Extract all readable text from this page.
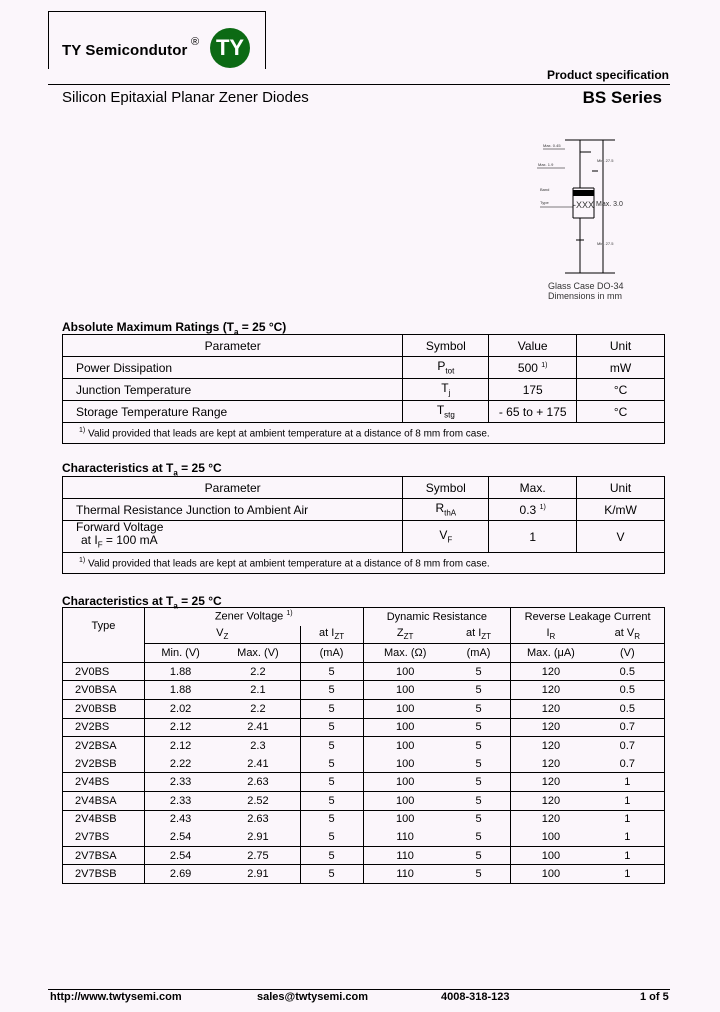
TY Semicondutor ® TY
Product specification
Silicon Epitaxial Planar Zener Diodes	BS Series
Max. 0.45
Max. 1.9
Band
Type	-XXX
Min. 27.5
Max. 3.0
Min. 27.5
Glass Case DO-34
Dimensions in mm
Absolute Maximum Ratings ($T_a = 25$ °C)
Parameter	Symbol	Value	Unit
Power Dissipation	$P_{tot}$	500 $^{1)}$	mW
Junction Temperature	$T_j$	175	°C
Storage Temperature Range	$T_{stg}$	- 65 to + 175	°C
$^{1)}$ Valid provided that leads are kept at ambient temperature at a distance of 8 mm from case.			
Characteristics at $T_a = 25$ °C
Parameter	Symbol	Max.	Unit
Thermal Resistance Junction to Ambient Air	$R_{thA}$	0.3 $^{1)}$	K/mW

Forward Voltage
at $I_F = 100$ mA	$V_F$	1	V
$^{1)}$ Valid provided that leads are kept at ambient temperature at a distance of 8 mm from case.			
Characteristics at $T_a = 25$ °C
Type	Zener Voltage $^{1)}$			Dynamic Resistance		Reverse Leakage Current	
	$V_Z$		at $I_{ZT}$	$Z_{ZT}$	at $I_{ZT}$	$I_R$	at $V_R$
	Min. (V)	Max. (V)	(mA)	Max. (Ω)	(mA)	Max. (μA)	(V)
2V0BS	1.88	2.2	5	100	5	120	0.5
2V0BSA	1.88	2.1	5	100	5	120	0.5
2V0BSB	2.02	2.2	5	100	5	120	0.5
2V2BS	2.12	2.41	5	100	5	120	0.7
2V2BSA	2.12	2.3	5	100	5	120	0.7
2V2BSB	2.22	2.41	5	100	5	120	0.7
2V4BS	2.33	2.63	5	100	5	120	1
2V4BSA	2.33	2.52	5	100	5	120	1
2V4BSB	2.43	2.63	5	100	5	120	1
2V7BS	2.54	2.91	5	110	5	100	1
2V7BSA	2.54	2.75	5	110	5	100	1
2V7BSB	2.69	2.91	5	110	5	100	1
http://www.twtysemi.com	sales@twtysemi.com	4008-318-123	1 of 5
